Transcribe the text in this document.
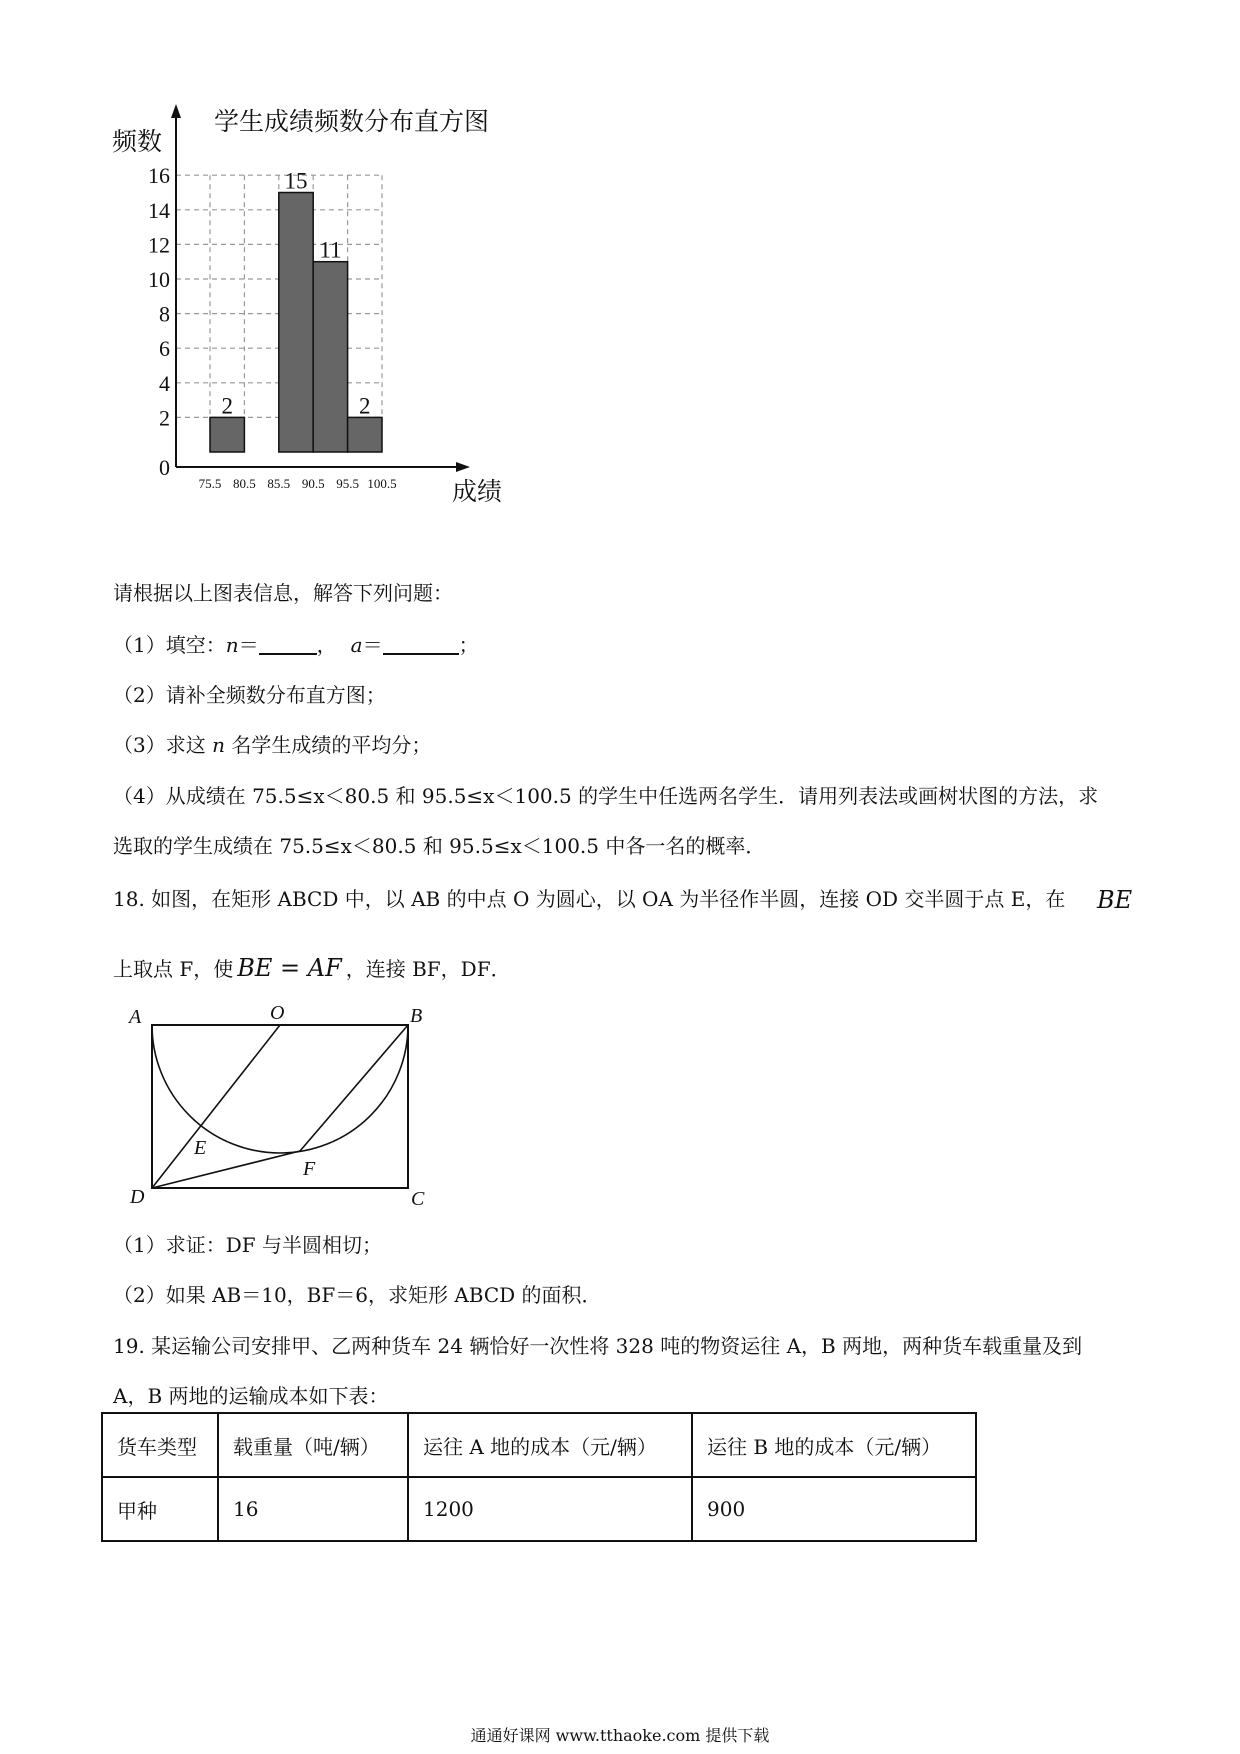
0
2
4
6
8
10
12
14
16
75.5 80.5 85.5 90.5 95.5 100.5
2
15
11
2
学生成绩频数分布直方图
频数
成绩
请根据以上图表信息，解答下列问题：
（1）填空：n＝	， a＝	；
（2）请补全频数分布直方图；
（3）求这 n 名学生成绩的平均分；
（4）从成绩在 75.5≤x＜80.5 和 95.5≤x＜100.5 的学生中任选两名学生．请用列表法或画树状图的方法，求
选取的学生成绩在 75.5≤x＜80.5 和 95.5≤x＜100.5 中各一名的概率．
18. 如图，在矩形 ABCD 中，以 AB 的中点 O 为圆心，以 OA 为半径作半圆，连接 OD 交半圆于点 E，在 BE
上取点 F，使 BE = AF ，连接 BF，DF．
A	O	B
E
F
D	C
（1）求证：DF 与半圆相切；
（2）如果 AB＝10，BF＝6，求矩形 ABCD 的面积．
19. 某运输公司安排甲、乙两种货车 24 辆恰好一次性将 328 吨的物资运往 A，B 两地，两种货车载重量及到
A，B 两地的运输成本如下表：
货车类型	载重量（吨/辆）	运往 A 地的成本（元/辆）	运往 B 地的成本（元/辆）
甲种	16	1200	900
通通好课网 www.tthaoke.com 提供下载
